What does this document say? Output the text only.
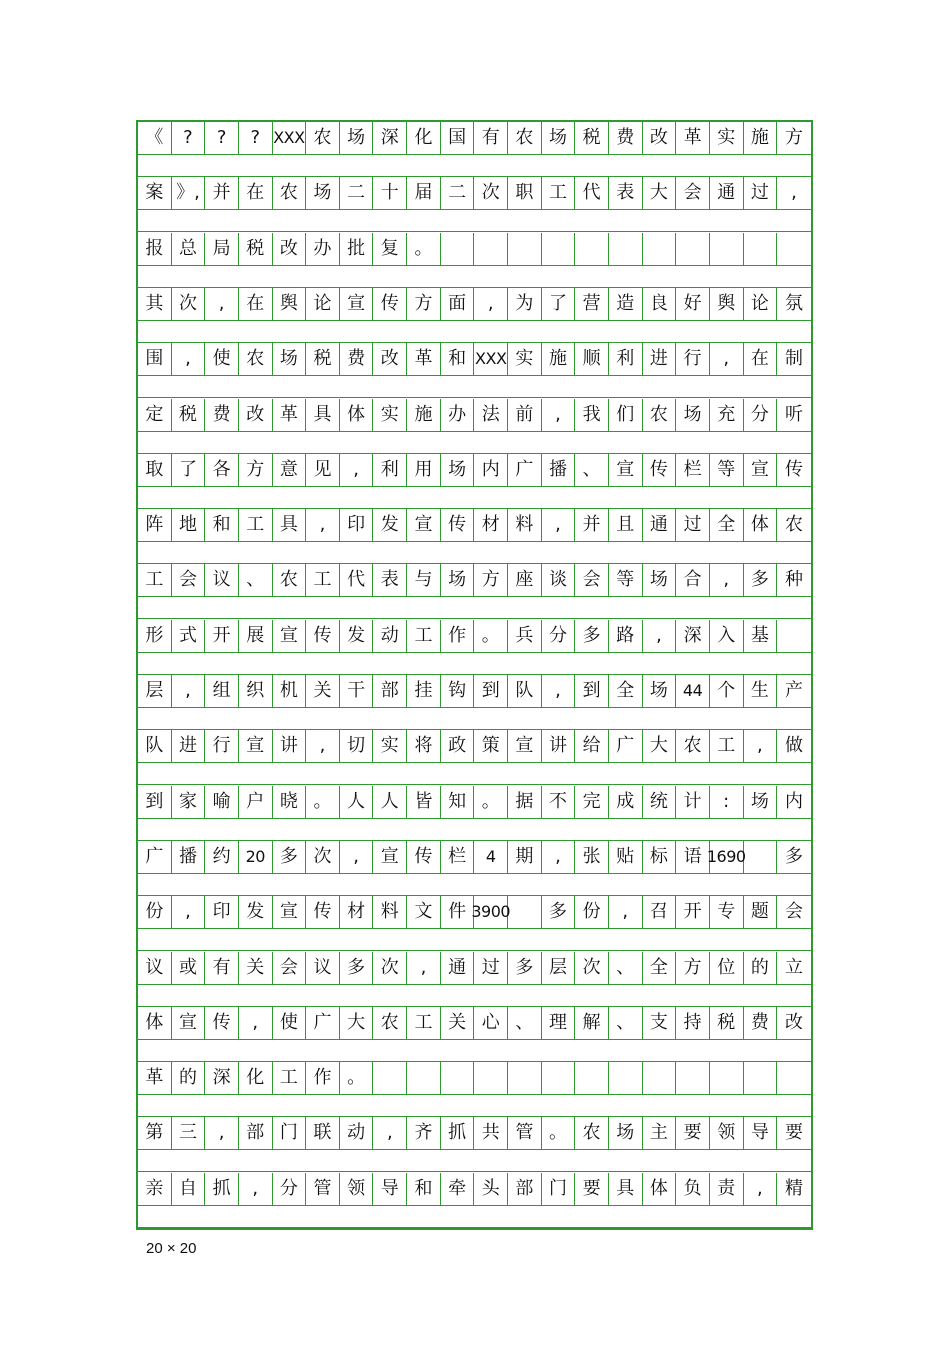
《	?	?	? XXX 农 场 深 化 国 有 农 场 税 费 改 革 实 施 方
案 》, 并 在 农 场 二 十 届 二 次 职 工 代 表 大 会 通 过	,
报 总 局 税 改 办 批 复 。
其 次	,	在 舆 论 宣 传 方 面	,	为 了 营 造 良 好 舆 论 氛
围	,	使 农 场 税 费 改 革 和 XXX 实 施 顺 利 进 行	,	在 制
定 税 费 改 革 具 体 实 施 办 法 前	,	我 们 农 场 充 分 听
取 了 各 方 意 见	,	利 用 场 内 广 播 、 宣 传 栏 等 宣 传
阵 地 和 工 具	,	印 发 宣 传 材 料	,	并 且 通 过 全 体 农
工 会 议 、 农 工 代 表 与 场 方 座 谈 会 等 场 合	,	多 种
形 式 开 展 宣 传 发 动 工 作 。 兵 分 多 路	,	深 入 基
层	,	组 织 机 关 干 部 挂 钩 到 队	,	到 全 场 44 个 生 产
队 进 行 宣 讲	,	切 实 将 政 策 宣 讲 给 广 大 农 工	,	做
到 家 喻 户 晓 。 人 人 皆 知 。 据 不 完 成 统 计	:	场 内
广 播 约 20 多 次	,	宣 传 栏	4	期	,	张 贴 标 语 1690	多
份	,	印 发 宣 传 材 料 文 件 3900	多 份	,	召 开 专 题 会
议 或 有 关 会 议 多 次	,	通 过 多 层 次 、 全 方 位 的 立
体 宣 传	,	使 广 大 农 工 关 心 、 理 解 、 支 持 税 费 改
革 的 深 化 工 作 。
第 三	,	部 门 联 动	,	齐 抓 共 管 。 农 场 主 要 领 导 要
亲 自 抓	,	分 管 领 导 和 牵 头 部 门 要 具 体 负 责	,	精
20 × 20
